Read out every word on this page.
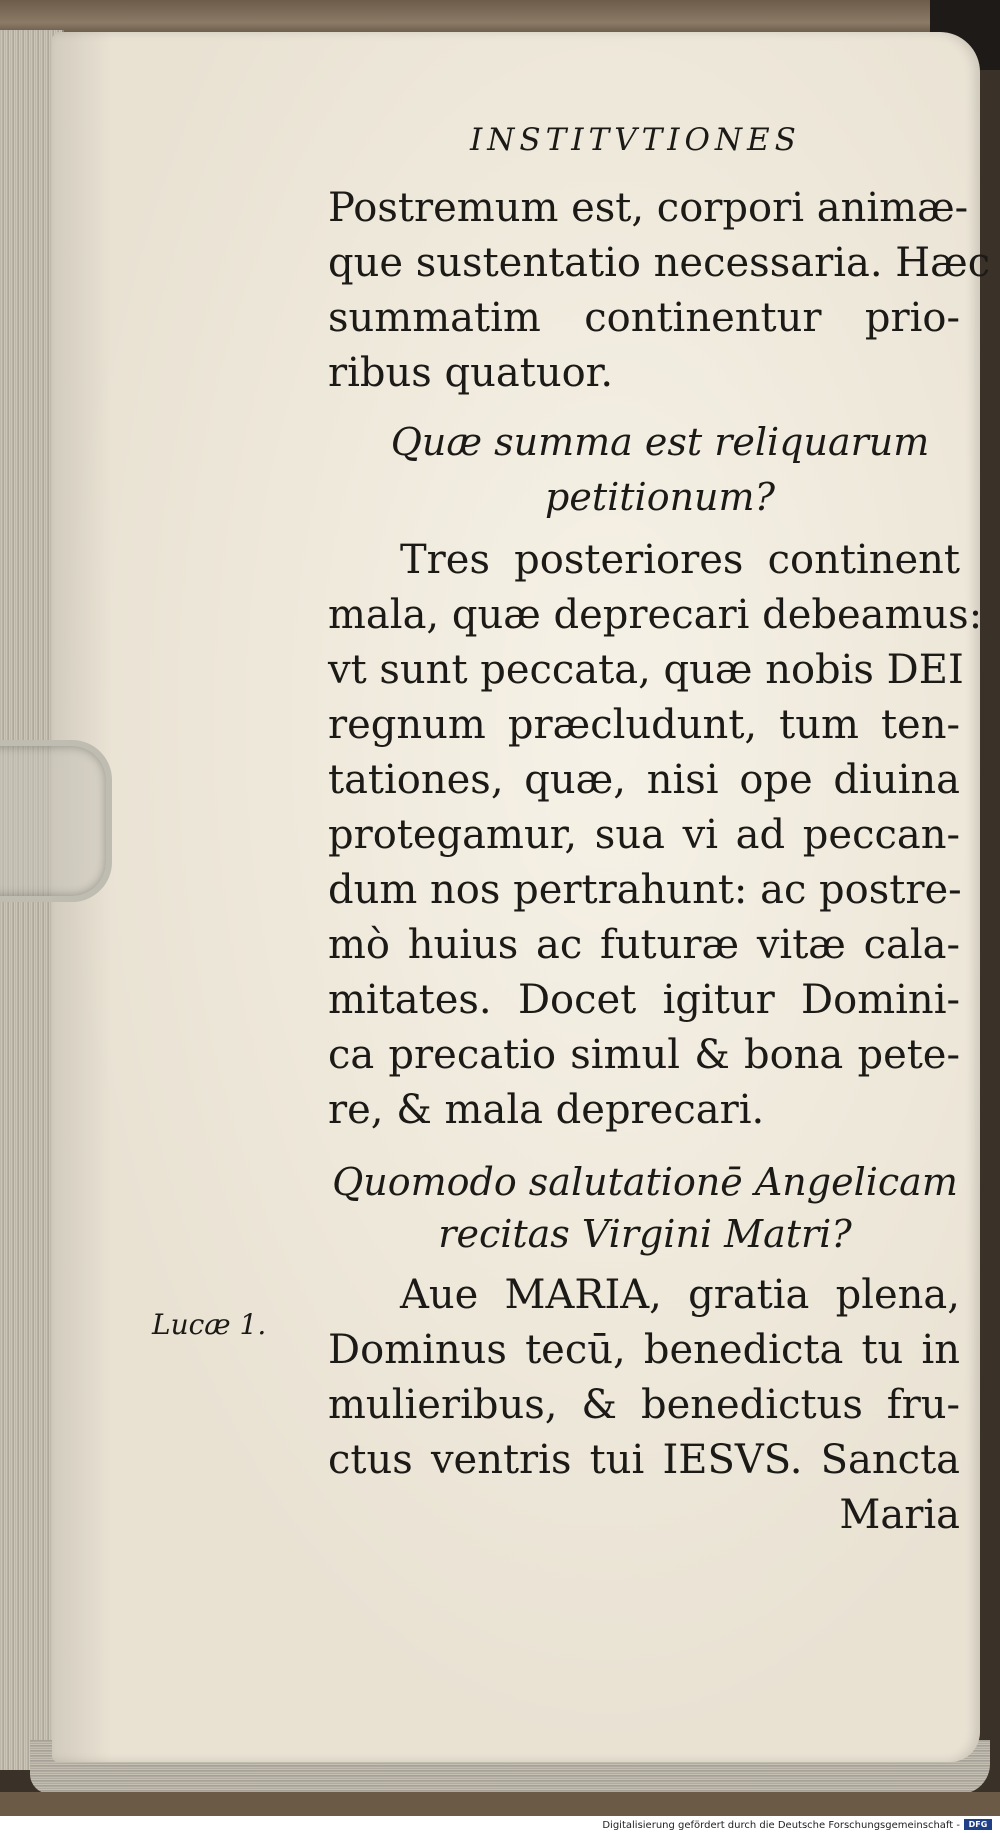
INSTITVTIONES
Postremum est, corpori animæ-
que sustentatio necessaria. Hæc
summatim continentur prio-
ribus quatuor.
Quæ summa est reliquarum
petitionum?
Tres posteriores continent
mala, quæ deprecari debeamus:
vt sunt peccata, quæ nobis DEI
regnum præcludunt, tum ten-
tationes, quæ, nisi ope diuina
protegamur, sua vi ad peccan-
dum nos pertrahunt: ac postre-
mò huius ac futuræ vitæ cala-
mitates. Docet igitur Domini-
ca precatio simul & bona pete-
re, & mala deprecari.
Quomodo salutationē Angelicam
recitas Virgini Matri?
Aue MARIA, gratia plena,
Dominus tecū, benedicta tu in
mulieribus, & benedictus fru-
ctus ventris tui IESVS. Sancta
Maria
Lucæ 1.
Digitalisierung gefördert durch die Deutsche Forschungsgemeinschaft -	DFG
